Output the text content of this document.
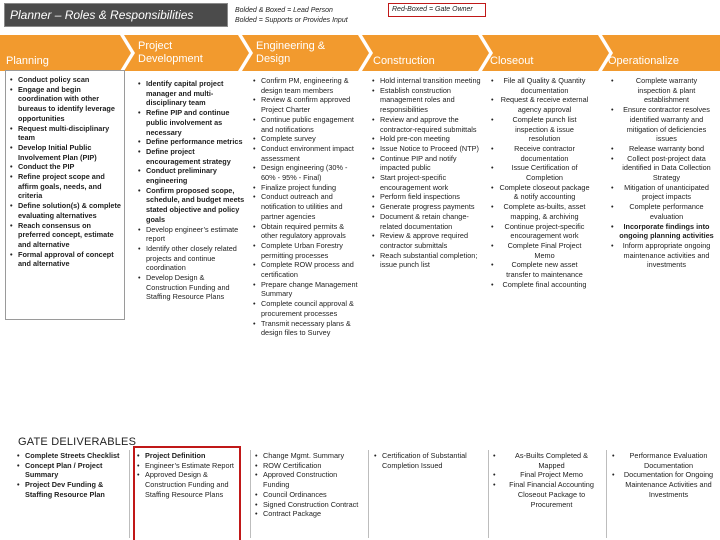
Planner – Roles & Responsibilities	Bolded & Boxed = Lead Person
Bolded = Supports or Provides Input
Red-Boxed = Gate Owner
Planning
Project Development
Engineering & Design	Construction	Closeout	Operationalize
• Conduct policy scan
• Engage and begin coordination with other bureaus to identify leverage opportunities
• Request multi-disciplinary team
• Develop Initial Public Involvement Plan (PIP)
• Conduct the PIP
• Refine project scope and affirm goals, needs, and criteria
• Define solution(s) & complete evaluating alternatives
• Reach consensus on preferred concept, estimate and alternative
• Formal approval of concept and alternative
• Identify capital project manager and multi-disciplinary team
• Refine PIP and continue public involvement as necessary
• Define performance metrics
• Define project encouragement strategy
• Conduct preliminary engineering
• Confirm proposed scope, schedule, and budget meets stated objective and policy goals
• Develop engineer’s estimate report
• Identify other closely related projects and continue coordination
• Develop Design & Construction Funding and Staffing Resource Plans
• Confirm PM, engineering & design team members
• Review & confirm approved Project Charter
• Continue public engagement and notifications
• Complete survey
• Conduct environment impact assessment
• Design engineering (30% - 60% - 95% - Final)
• Finalize project funding
• Conduct outreach and notification to utilities and partner agencies
• Obtain required permits & other regulatory approvals
• Complete Urban Forestry permitting processes
• Complete ROW process and certification
• Prepare change Management Summary
• Complete council approval & procurement processes
• Transmit necessary plans & design files to Survey
• Hold internal transition meeting
• Establish construction management roles and responsibilities
• Review and approve the contractor-required submittals
• Hold pre-con meeting
• Issue Notice to Proceed (NTP)
• Continue PIP and notify impacted public
• Start project-specific encouragement work
• Perform field inspections
• Generate progress payments
• Document & retain change-related documentation
• Review & approve required contractor submittals
• Reach substantial completion; issue punch list
• File all Quality & Quantity documentation
• Request & receive external agency approval
• Complete punch list inspection & issue resolution
• Receive contractor documentation
• Issue Certification of Completion
• Complete closeout package & notify accounting
• Complete as-builts, asset mapping, & archiving
• Continue project-specific encouragement work
• Complete Final Project Memo
• Complete new asset transfer to maintenance
• Complete final accounting
• Complete warranty inspection & plant establishment
• Ensure contractor resolves identified warranty and mitigation of deficiencies issues
• Release warranty bond
• Collect post-project data identified in Data Collection Strategy
• Mitigation of unanticipated project impacts
• Complete performance evaluation
• Incorporate findings into ongoing planning activities
• Inform appropriate ongoing maintenance activities and investments
GATE DELIVERABLES
• Complete Streets Checklist
• Concept Plan / Project Summary
• Project Dev Funding & Staffing Resource Plan
• Project Definition
• Engineer’s Estimate Report
• Approved Design & Construction Funding and Staffing Resource Plans
• Change Mgmt. Summary
• ROW Certification
• Approved Construction Funding
• Council Ordinances
• Signed Construction Contract
• Contract Package
• Certification of Substantial Completion Issued
• As-Builts Completed & Mapped
• Final Project Memo
• Final Financial Accounting Closeout Package to Procurement
• Performance Evaluation Documentation
• Documentation for Ongoing Maintenance Activities and Investments
